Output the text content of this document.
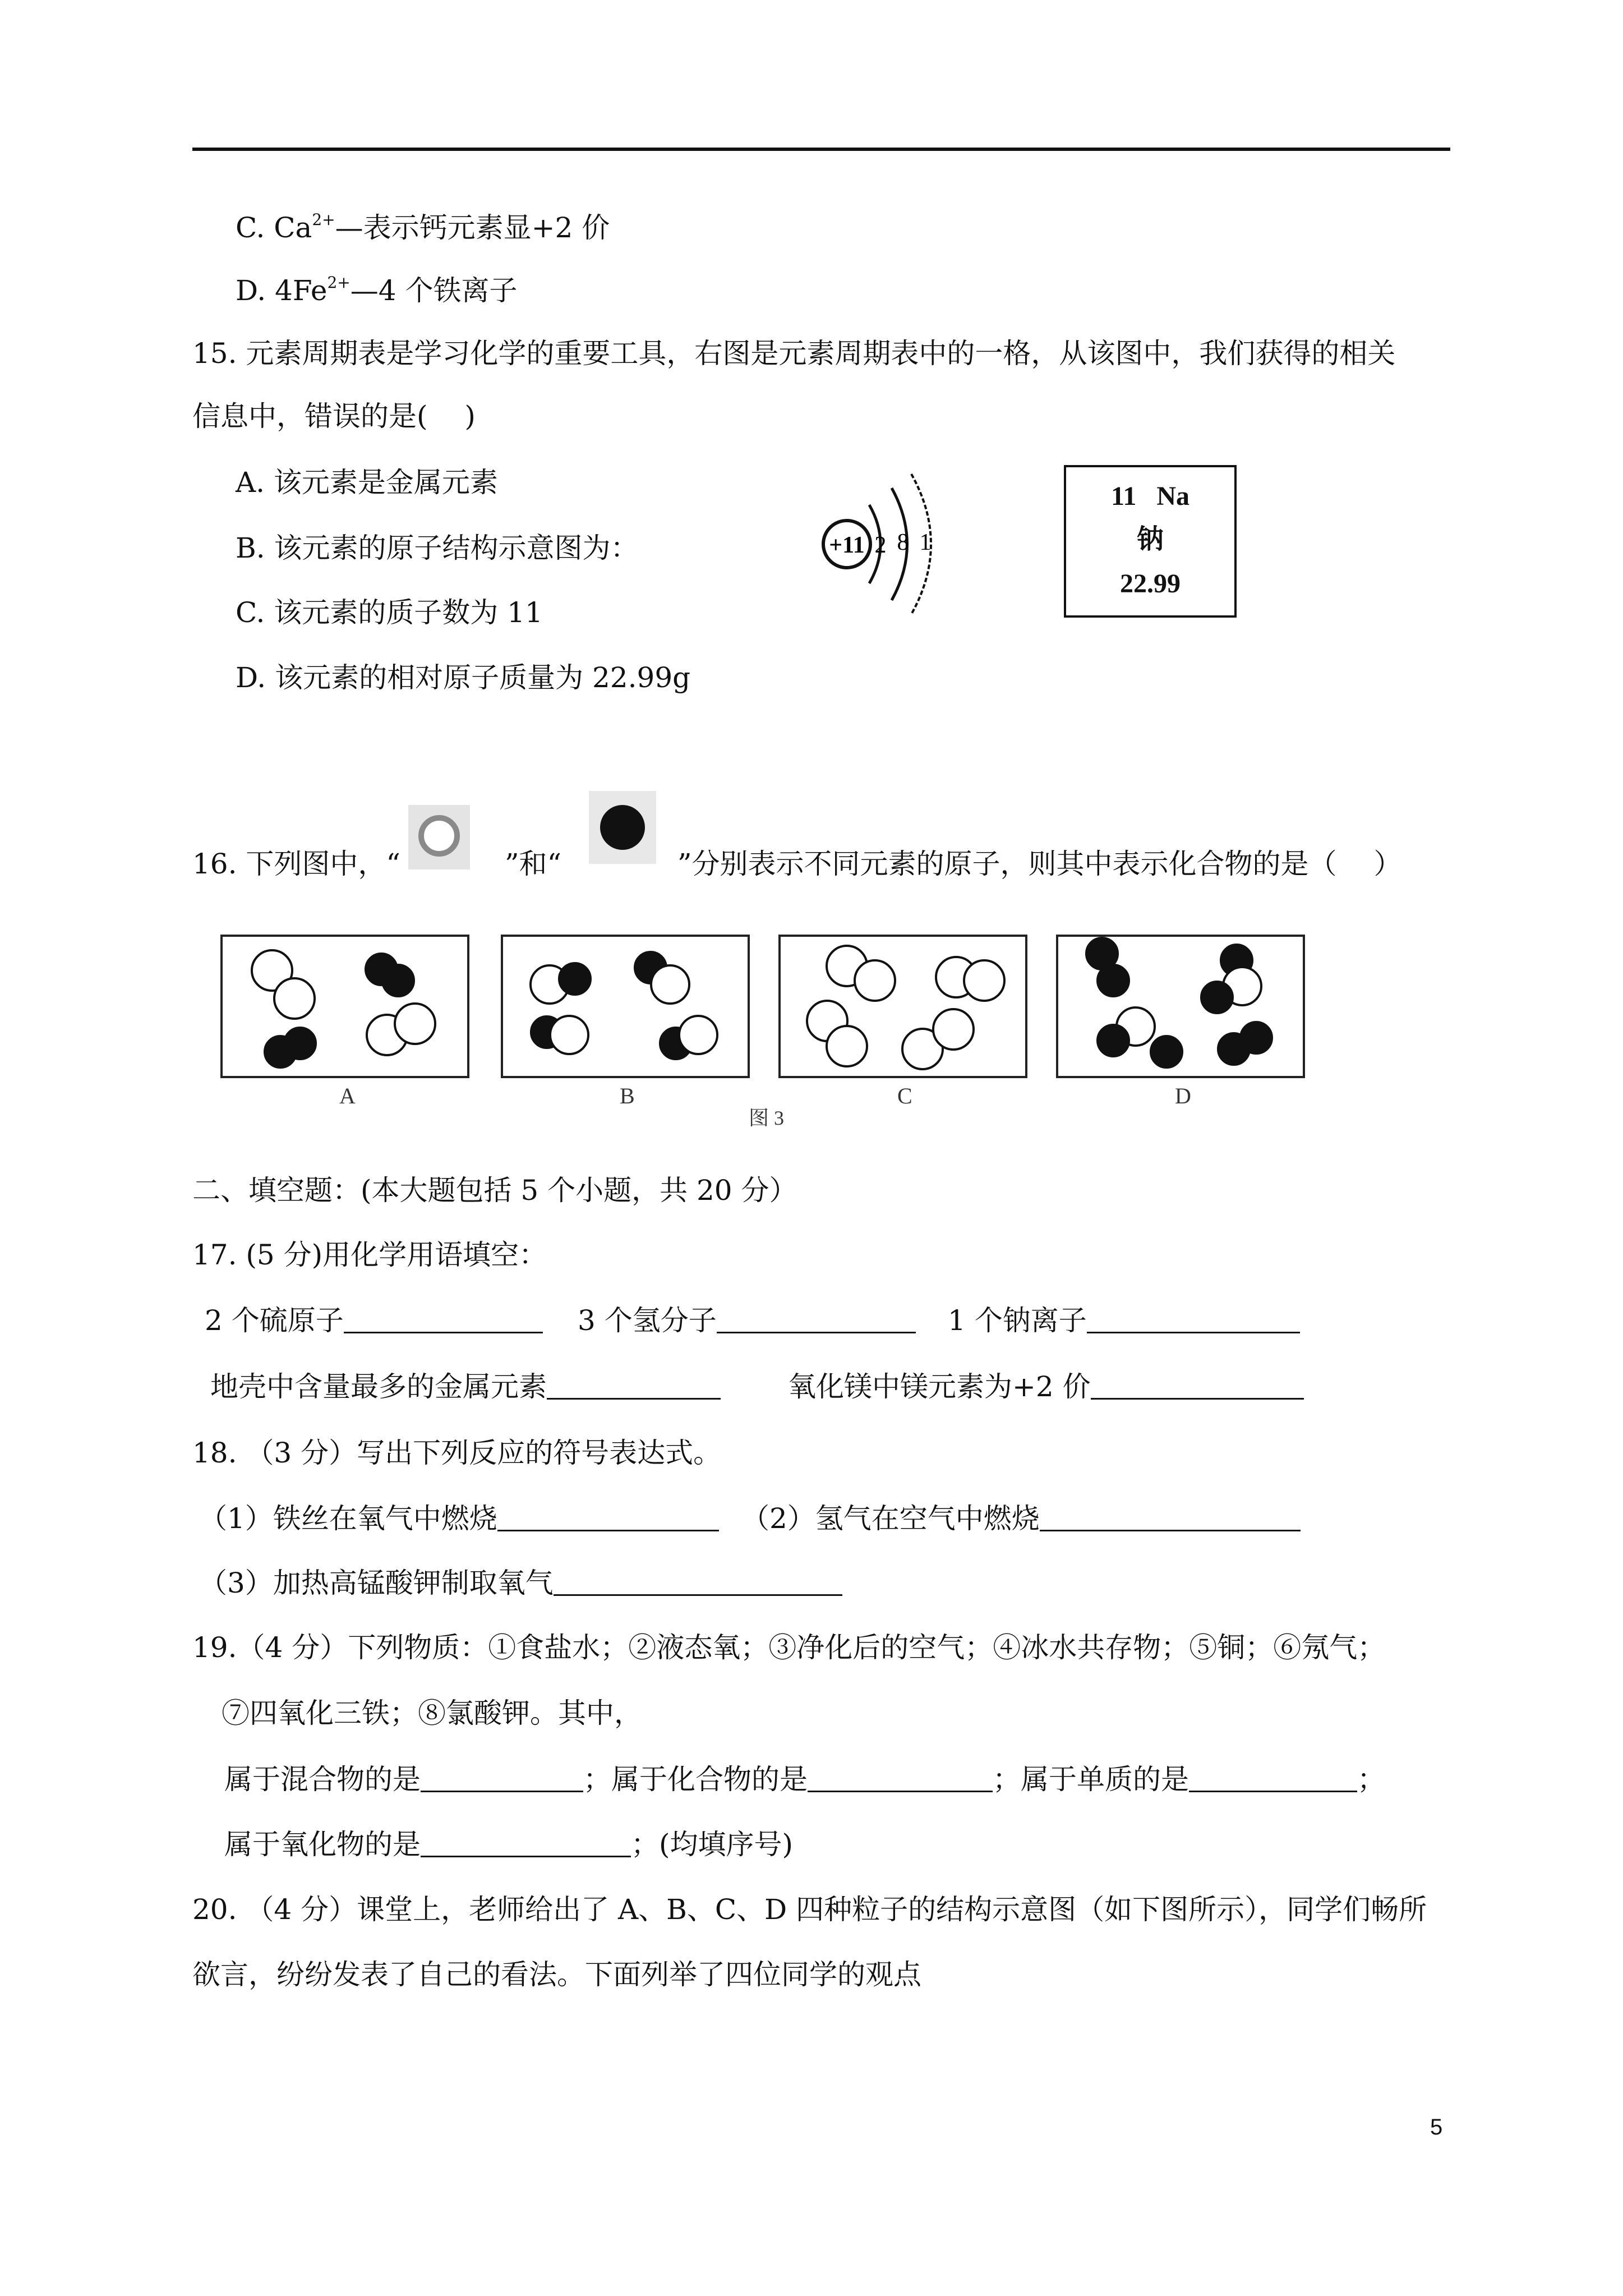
C. $Ca^{2+}—$表示钙元素显+2 价
D. $4Fe^{2+}—4$ 个铁离子
15. 元素周期表是学习化学的重要工具，右图是元素周期表中的一格，从该图中，我们获得的相关
信息中，错误的是(　 )
A. 该元素是金属元素
B. 该元素的原子结构示意图为：
C. 该元素的质子数为 11
D. 该元素的相对原子质量为 22.99g
+11 2 8 1
11 Na
钠
22.99
16. 下列图中，“	”和“	”分别表示不同元素的原子，则其中表示化合物的是（　 ）
A	B	C	D
图 3
二、填空题：(本大题包括 5 个小题，共 20 分）
17. (5 分)用化学用语填空：
2 个硫原子	3 个氢分子	1 个钠离子
地壳中含量最多的金属元素	氧化镁中镁元素为+2 价
18. （3 分）写出下列反应的符号表达式。
（1）铁丝在氧气中燃烧	（2）氢气在空气中燃烧
（3）加热高锰酸钾制取氧气
19.（4 分）下列物质：①食盐水；②液态氧；③净化后的空气；④冰水共存物；⑤铜；⑥氖气；
⑦四氧化三铁；⑧氯酸钾。其中，
属于混合物的是	；属于化合物的是	；属于单质的是	；
属于氧化物的是	；(均填序号)
20. （4 分）课堂上，老师给出了 A、B、C、D 四种粒子的结构示意图（如下图所示），同学们畅所
欲言，纷纷发表了自己的看法。下面列举了四位同学的观点
5
